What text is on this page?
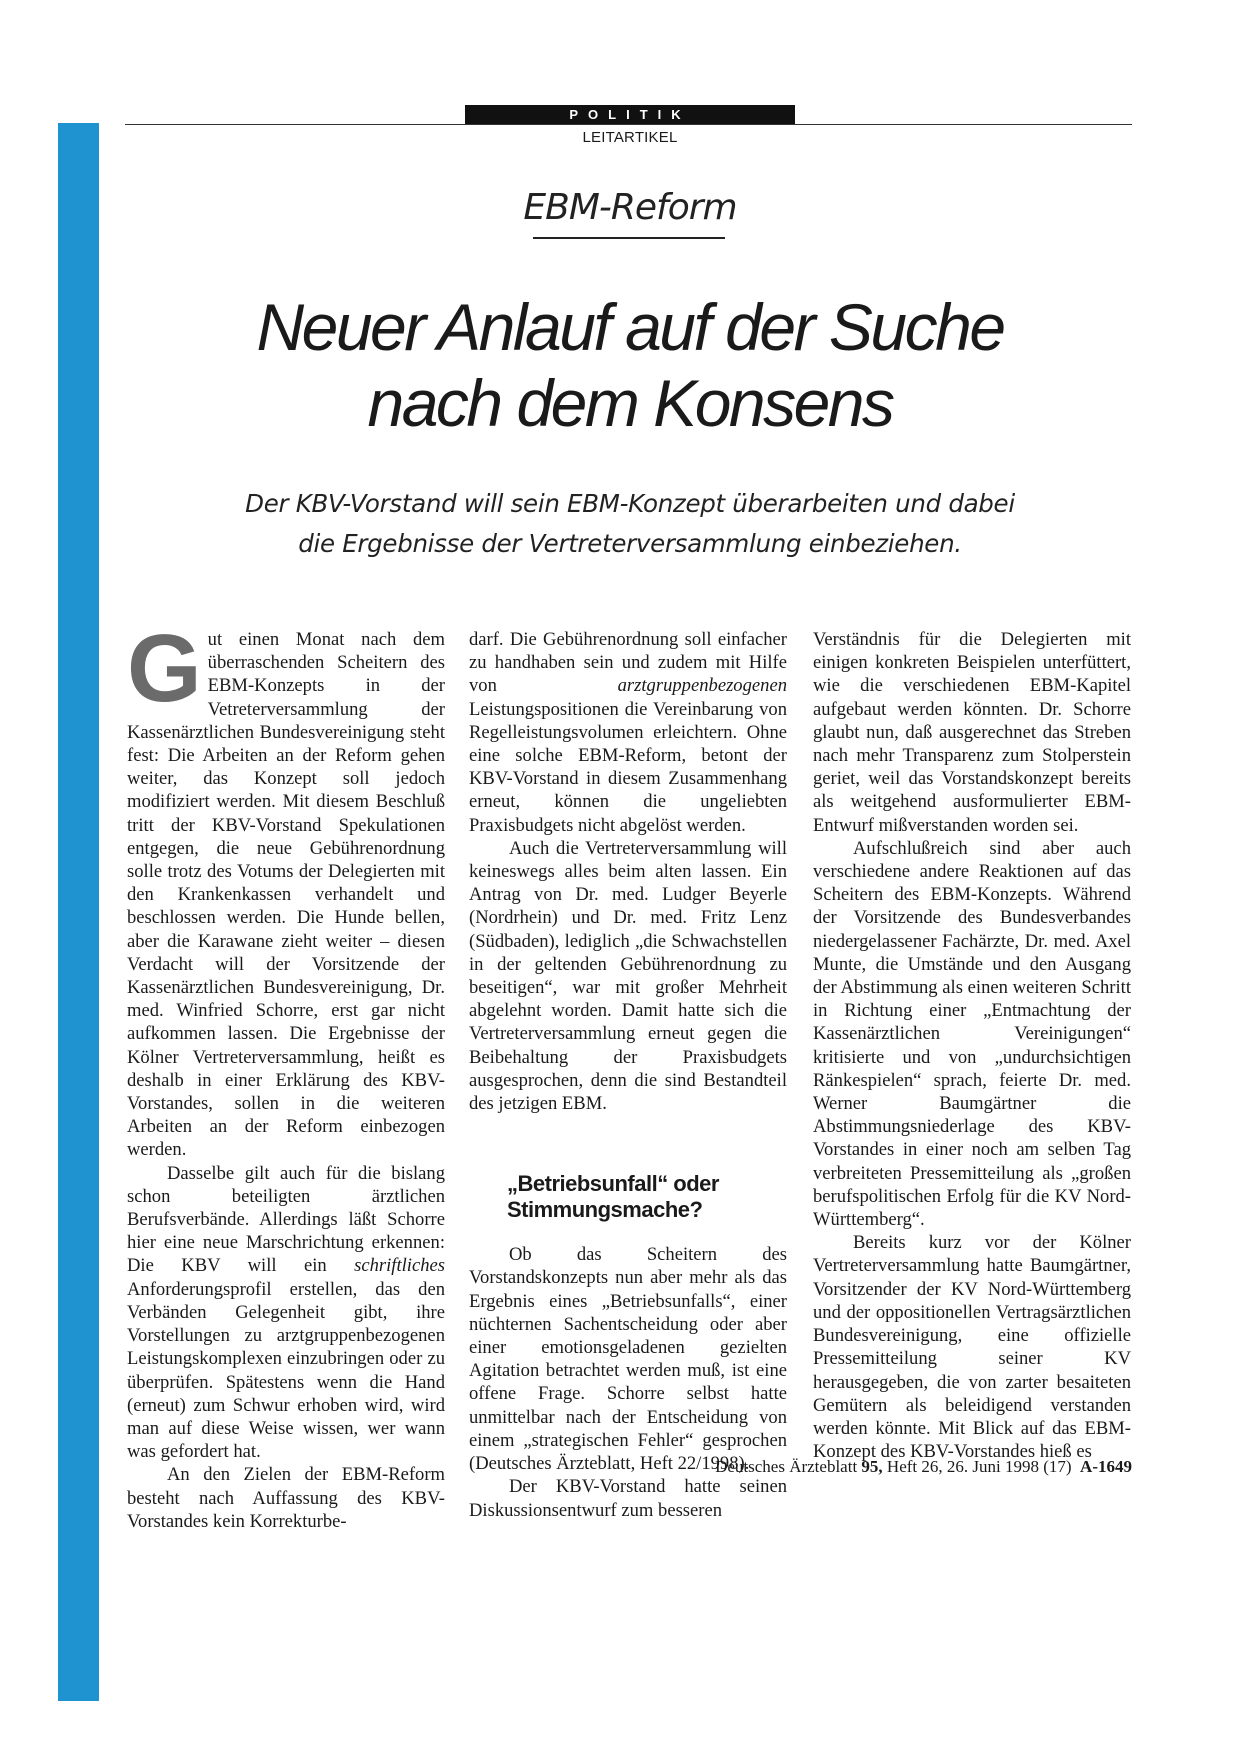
POLITIK
LEITARTIKEL
EBM-Reform
Neuer Anlauf auf der Suche
nach dem Konsens
Der KBV-Vorstand will sein EBM-Konzept überarbeiten und dabei
die Ergebnisse der Vertreterversammlung einbeziehen.

Gut einen Monat nach dem überraschenden Scheitern des EBM-Konzepts in der Vetreterversammlung der Kassenärztlichen Bundesvereinigung steht fest: Die Arbeiten an der Reform gehen weiter, das Konzept soll jedoch modifiziert werden. Mit diesem Beschluß tritt der KBV-Vorstand Spekulationen entgegen, die neue Gebührenordnung solle trotz des Votums der Delegierten mit den Krankenkassen verhandelt und beschlossen werden. Die Hunde bellen, aber die Karawane zieht weiter – diesen Verdacht will der Vorsitzende der Kassenärztlichen Bundesvereinigung, Dr. med. Winfried Schorre, erst gar nicht aufkommen lassen. Die Ergebnisse der Kölner Vertreterversammlung, heißt es deshalb in einer Erklärung des KBV-Vorstandes, sollen in die weiteren Arbeiten an der Reform einbezogen werden.

Dasselbe gilt auch für die bislang schon beteiligten ärztlichen Berufsverbände. Allerdings läßt Schorre hier eine neue Marschrichtung erkennen: Die KBV will ein schriftliches Anforderungsprofil erstellen, das den Verbänden Gelegenheit gibt, ihre Vorstellungen zu arztgruppenbezogenen Leistungskomplexen einzubringen oder zu überprüfen. Spätestens wenn die Hand (erneut) zum Schwur erhoben wird, wird man auf diese Weise wissen, wer wann was gefordert hat.

An den Zielen der EBM-Reform besteht nach Auffassung des KBV-Vorstandes kein Korrekturbe-

darf. Die Gebührenordnung soll einfacher zu handhaben sein und zudem mit Hilfe von arztgruppenbezogenen Leistungspositionen die Vereinbarung von Regelleistungsvolumen erleichtern. Ohne eine solche EBM-Reform, betont der KBV-Vorstand in diesem Zusammenhang erneut, können die ungeliebten Praxisbudgets nicht abgelöst werden.

Auch die Vertreterversammlung will keineswegs alles beim alten lassen. Ein Antrag von Dr. med. Ludger Beyerle (Nordrhein) und Dr. med. Fritz Lenz (Südbaden), lediglich „die Schwachstellen in der geltenden Gebührenordnung zu beseitigen“, war mit großer Mehrheit abgelehnt worden. Damit hatte sich die Vertreterversammlung erneut gegen die Beibehaltung der Praxisbudgets ausgesprochen, denn die sind Bestandteil des jetzigen EBM.

„Betriebsunfall“ oder
Stimmungsmache?

Ob das Scheitern des Vorstandskonzepts nun aber mehr als das Ergebnis eines „Betriebsunfalls“, einer nüchternen Sachentscheidung oder aber einer emotionsgeladenen gezielten Agitation betrachtet werden muß, ist eine offene Frage. Schorre selbst hatte unmittelbar nach der Entscheidung von einem „strategischen Fehler“ gesprochen (Deutsches Ärzteblatt, Heft 22/1998).

Der KBV-Vorstand hatte seinen Diskussionsentwurf zum besseren

Verständnis für die Delegierten mit einigen konkreten Beispielen unterfüttert, wie die verschiedenen EBM-Kapitel aufgebaut werden könnten. Dr. Schorre glaubt nun, daß ausgerechnet das Streben nach mehr Transparenz zum Stolperstein geriet, weil das Vorstandskonzept bereits als weitgehend ausformulierter EBM-Entwurf mißverstanden worden sei.

Aufschlußreich sind aber auch verschiedene andere Reaktionen auf das Scheitern des EBM-Konzepts. Während der Vorsitzende des Bundesverbandes niedergelassener Fachärzte, Dr. med. Axel Munte, die Umstände und den Ausgang der Abstimmung als einen weiteren Schritt in Richtung einer „Entmachtung der Kassenärztlichen Vereinigungen“ kritisierte und von „undurchsichtigen Ränkespielen“ sprach, feierte Dr. med. Werner Baumgärtner die Abstimmungsniederlage des KBV-Vorstandes in einer noch am selben Tag verbreiteten Pressemitteilung als „großen berufspolitischen Erfolg für die KV Nord-Württemberg“.

Bereits kurz vor der Kölner Vertreterversammlung hatte Baumgärtner, Vorsitzender der KV Nord-Württemberg und der oppositionellen Vertragsärztlichen Bundesvereinigung, eine offizielle Pressemitteilung seiner KV herausgegeben, die von zarter besaiteten Gemütern als beleidigend verstanden werden könnte. Mit Blick auf das EBM-Konzept des KBV-Vorstandes hieß es

Deutsches Ärzteblatt 95, Heft 26, 26. Juni 1998 (17) A-1649
